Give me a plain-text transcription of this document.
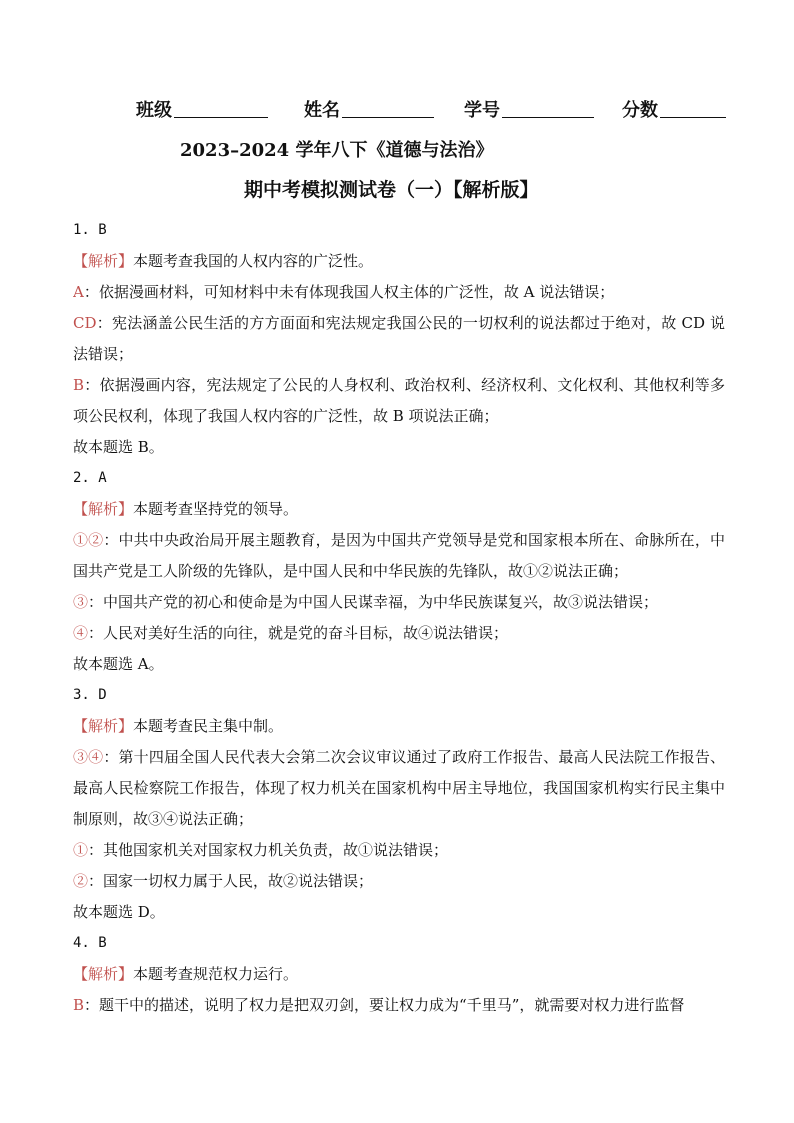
班级	姓名	学号	分数
2023–2024 学年八下《道德与法治》
期中考模拟测试卷（一）【解析版】
1. B
【解析】本题考查我国的人权内容的广泛性。
A：依据漫画材料，可知材料中未有体现我国人权主体的广泛性，故 A 说法错误；
CD：宪法涵盖公民生活的方方面面和宪法规定我国公民的一切权利的说法都过于绝对，故 CD 说法错误；
B：依据漫画内容，宪法规定了公民的人身权利、政治权利、经济权利、文化权利、其他权利等多项公民权利，体现了我国人权内容的广泛性，故 B 项说法正确；
故本题选 B。
2. A
【解析】本题考查坚持党的领导。
①②：中共中央政治局开展主题教育，是因为中国共产党领导是党和国家根本所在、命脉所在，中国共产党是工人阶级的先锋队，是中国人民和中华民族的先锋队，故①②说法正确；
③：中国共产党的初心和使命是为中国人民谋幸福，为中华民族谋复兴，故③说法错误；
④：人民对美好生活的向往，就是党的奋斗目标，故④说法错误；
故本题选 A。
3. D
【解析】本题考查民主集中制。
③④：第十四届全国人民代表大会第二次会议审议通过了政府工作报告、最高人民法院工作报告、最高人民检察院工作报告，体现了权力机关在国家机构中居主导地位，我国国家机构实行民主集中制原则，故③④说法正确；
①：其他国家机关对国家权力机关负责，故①说法错误；
②：国家一切权力属于人民，故②说法错误；
故本题选 D。
4. B
【解析】本题考查规范权力运行。
B：题干中的描述，说明了权力是把双刃剑，要让权力成为“千里马”，就需要对权力进行监督
